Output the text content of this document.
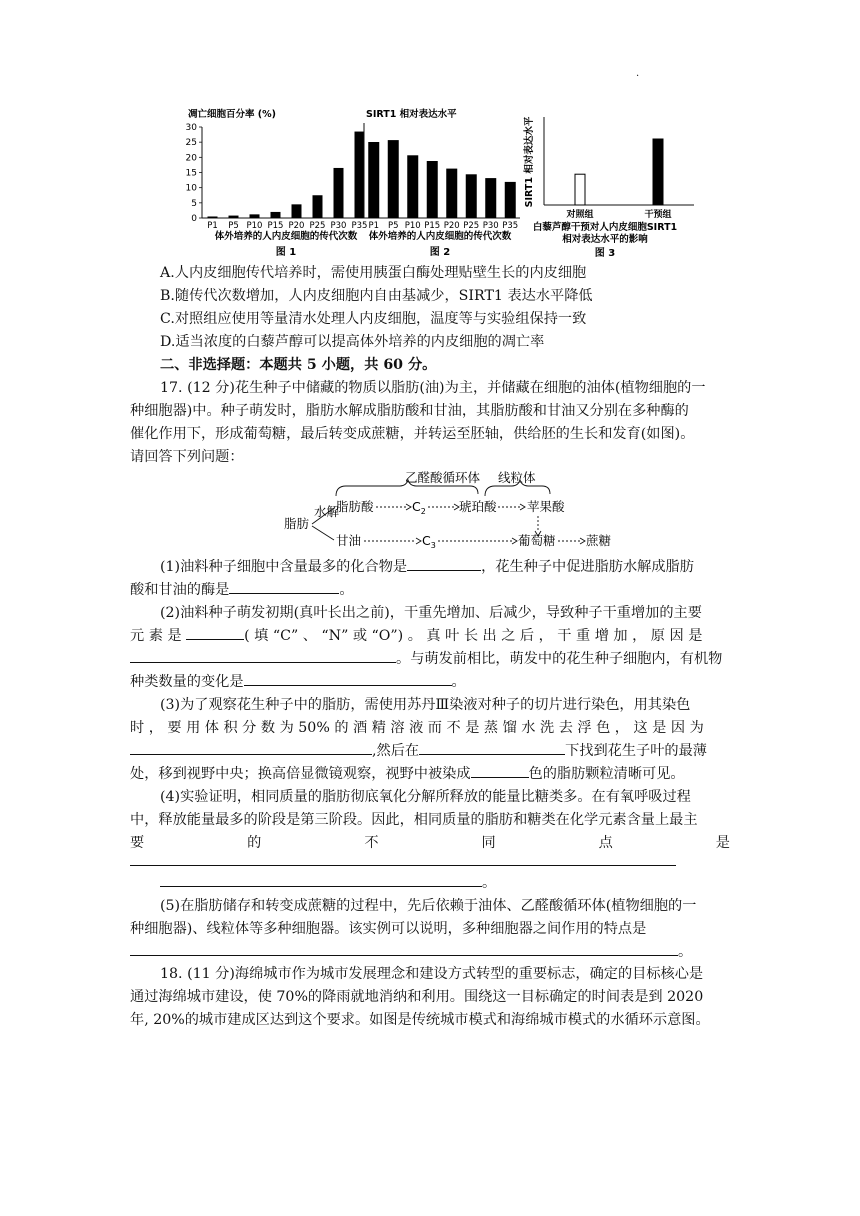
.
凋亡细胞百分率 (%)
0
5
10
15
20
25
30
P1 P5 P10 P15 P20 P25 P30 P35
体外培养的人内皮细胞的传代次数
图 1
SIRT1 相对表达水平
P1 P5 P10 P15 P20 P25 P30 P35
体外培养的人内皮细胞的传代次数
图 2
SIRT1 相对表达水平
对照组	干预组
白藜芦醇干预对人内皮细胞SIRT1
相对表达水平的影响
图 3
A.人内皮细胞传代培养时，需使用胰蛋白酶处理贴壁生长的内皮细胞
B.随传代次数增加，人内皮细胞内自由基减少，SIRT1 表达水平降低
C.对照组应使用等量清水处理人内皮细胞，温度等与实验组保持一致
D.适当浓度的白藜芦醇可以提高体外培养的内皮细胞的凋亡率
二、非选择题：本题共 5 小题，共 60 分。
17. (12 分)花生种子中储藏的物质以脂肪(油)为主，并储藏在细胞的油体(植物细胞的一
种细胞器)中。种子萌发时，脂肪水解成脂肪酸和甘油，其脂肪酸和甘油又分别在多种酶的
催化作用下，形成葡萄糖，最后转变成蔗糖，并转运至胚轴，供给胚的生长和发育(如图)。
请回答下列问题：
乙醛酸循环体 线粒体
脂肪
水解
脂肪酸	$C_2$	琥珀酸 苹果酸
甘油	$C_3$	葡萄糖 蔗糖
(1)油料种子细胞中含量最多的化合物是	，花生种子中促进脂肪水解成脂肪
酸和甘油的酶是	。
(2)油料种子萌发初期(真叶长出之前)，干重先增加、后减少，导致种子干重增加的主要
元 素 是	( 填 “C” 、 “N” 或 “O”) 。 真 叶 长 出 之 后 ， 干 重 增 加 ， 原 因 是
。与萌发前相比，萌发中的花生种子细胞内，有机物
种类数量的变化是	。
(3)为了观察花生种子中的脂肪，需使用苏丹Ⅲ染液对种子的切片进行染色，用其染色
时 ， 要 用 体 积 分 数 为 50% 的 酒 精 溶 液 而 不 是 蒸 馏 水 洗 去 浮 色 ， 这 是 因 为
,然后在	下找到花生子叶的最薄
处，移到视野中央；换高倍显微镜观察，视野中被染成	色的脂肪颗粒清晰可见。
(4)实验证明，相同质量的脂肪彻底氧化分解所释放的能量比糖类多。在有氧呼吸过程
中，释放能量最多的阶段是第三阶段。因此，相同质量的脂肪和糖类在化学元素含量上最主
要	的	不	同	点	是
。
(5)在脂肪储存和转变成蔗糖的过程中，先后依赖于油体、乙醛酸循环体(植物细胞的一
种细胞器)、线粒体等多种细胞器。该实例可以说明，多种细胞器之间作用的特点是
。
18. (11 分)海绵城市作为城市发展理念和建设方式转型的重要标志，确定的目标核心是
通过海绵城市建设，使 70%的降雨就地消纳和利用。围绕这一目标确定的时间表是到 2020
年, 20%的城市建成区达到这个要求。如图是传统城市模式和海绵城市模式的水循环示意图。
